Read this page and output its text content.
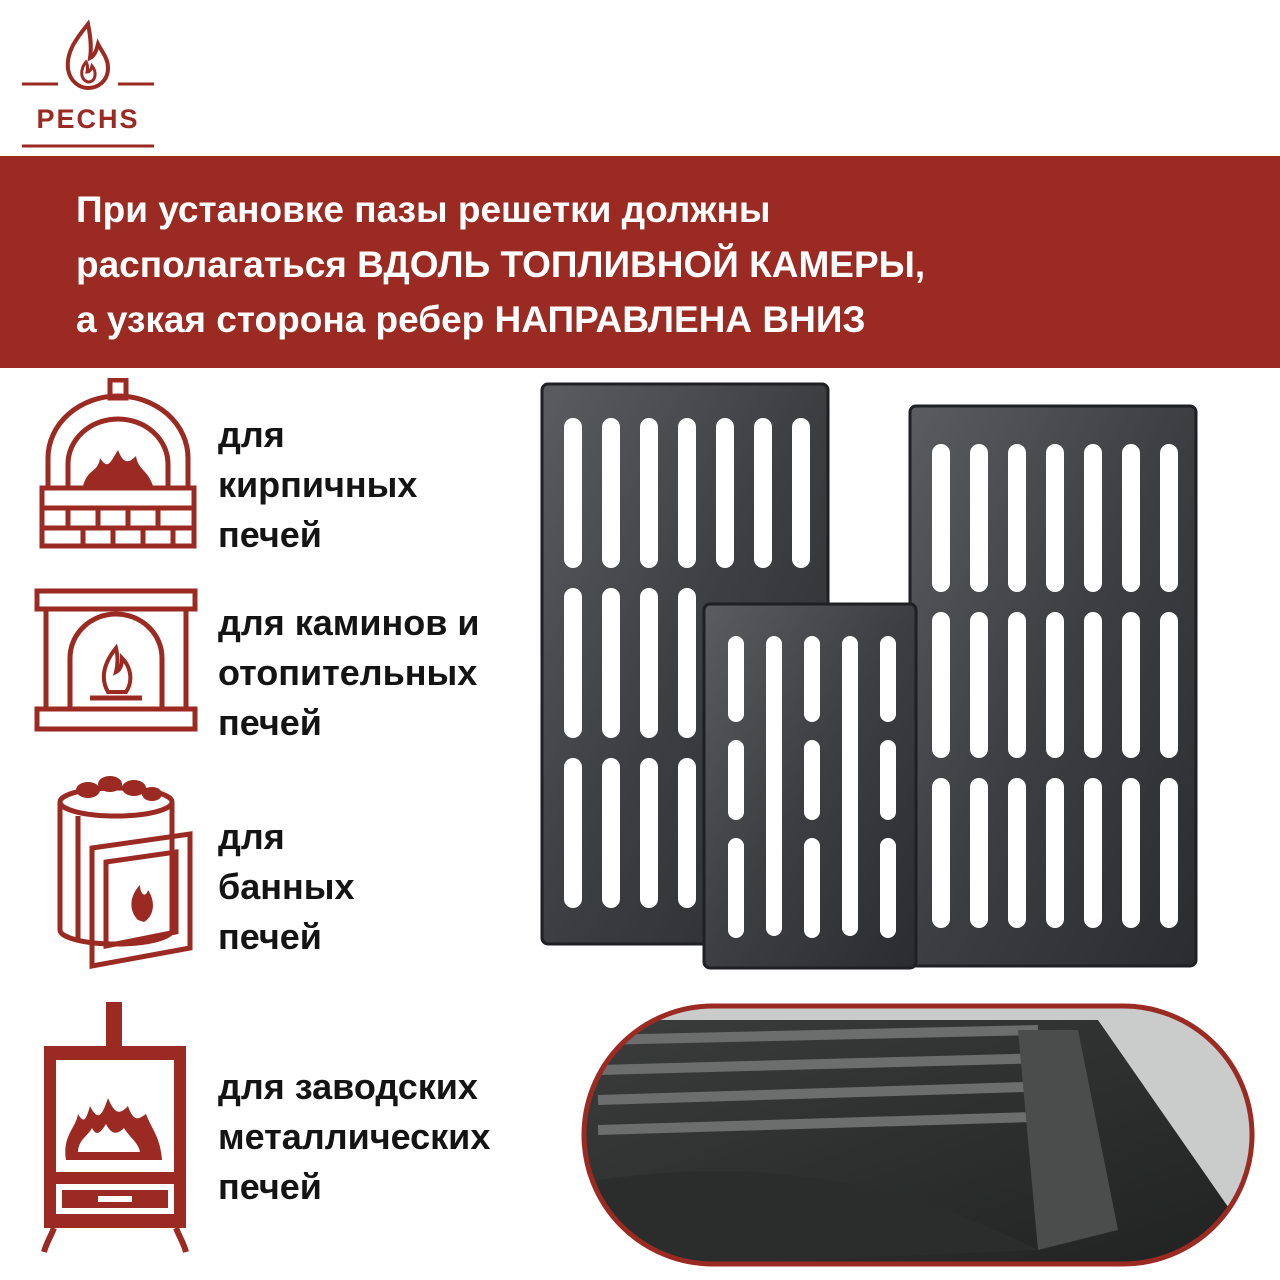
PECHS
При установке пазы решетки должны
располагаться ВДОЛЬ ТОПЛИВНОЙ КАМЕРЫ,
а узкая сторона ребер НАПРАВЛЕНА ВНИЗ
для
кирпичных
печей
для каминов и
отопительных
печей
для
банных
печей
для заводских
металлических
печей
